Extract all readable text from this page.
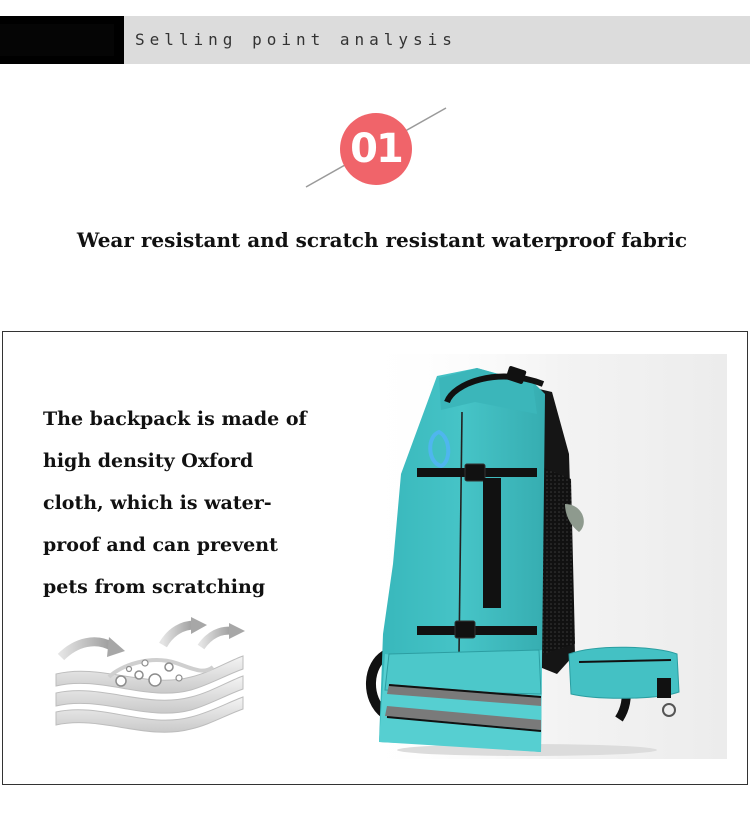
Selling point analysis
01
Wear resistant and scratch resistant waterproof fabric
The backpack is made of
high density Oxford
cloth, which is water-
proof and can prevent
pets from scratching
